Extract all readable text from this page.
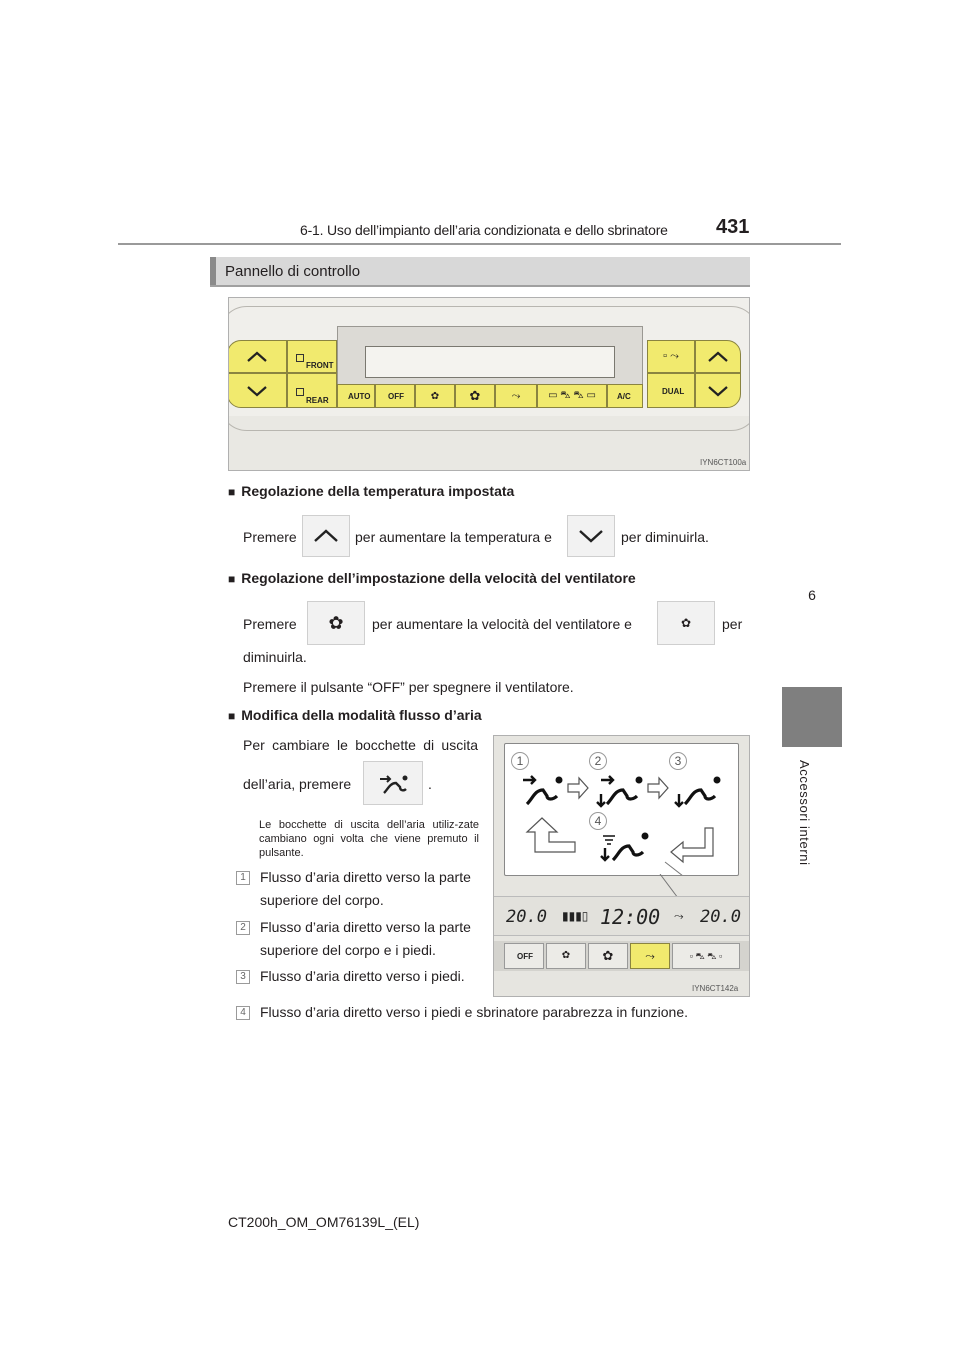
6-1. Uso dell’impianto dell’aria condizionata e dello sbrinatore 431
6
Accessori interni
Pannello di controllo
FRONT
REAR AUTO OFF	✿ ✿	⤳	▭ ⛍ ⛍ ▭	A/C
▫ ⤳
DUAL
IYN6CT100a
■ Regolazione della temperatura impostata
Premere	per aumentare la temperatura e	per diminuirla.
■ Regolazione dell’impostazione della velocità del ventilatore
Premere ✿ per aumentare la velocità del ventilatore e	✿ per
diminuirla.
Premere il pulsante “OFF” per spegnere il ventilatore.
■ Modifica della modalità flusso d’aria
Per cambiare le bocchette di uscita
dell’aria, premere	.
Le bocchette di uscita dell’aria utiliz-zate cambiano ogni volta che viene premuto il pulsante.
1	Flusso d’aria diretto verso la parte
superiore del corpo.
2	Flusso d’aria diretto verso la parte
superiore del corpo e i piedi.
3	Flusso d’aria diretto verso i piedi.
4	Flusso d’aria diretto verso i piedi e sbrinatore parabrezza in funzione.
1	2	3
4
20.0 ▮▮▮▯ 12:00 ⤳ 20.0
OFF	✿	✿	⤳	▫ ⛍ ⛍ ▫
IYN6CT142a
CT200h_OM_OM76139L_(EL)
